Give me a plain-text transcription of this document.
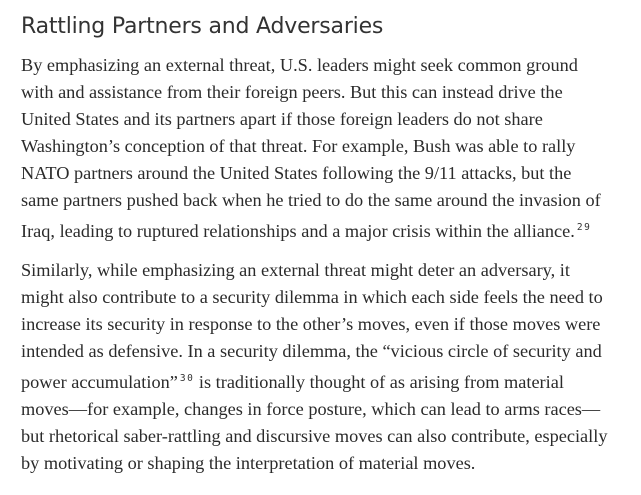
Rattling Partners and Adversaries

By emphasizing an external threat, U.S. leaders might seek common ground
with and assistance from their foreign peers. But this can instead drive the
United States and its partners apart if those foreign leaders do not share
Washington’s conception of that threat. For example, Bush was able to rally
NATO partners around the United States following the 9/11 attacks, but the
same partners pushed back when he tried to do the same around the invasion of
Iraq, leading to ruptured relationships and a major crisis within the alliance. $^{29}$

Similarly, while emphasizing an external threat might deter an adversary, it
might also contribute to a security dilemma in which each side feels the need to
increase its security in response to the other’s moves, even if those moves were
intended as defensive. In a security dilemma, the “vicious circle of security and
power accumulation” $^{30}$ is traditionally thought of as arising from material
moves—for example, changes in force posture, which can lead to arms races—
but rhetorical saber-rattling and discursive moves can also contribute, especially
by motivating or shaping the interpretation of material moves.
